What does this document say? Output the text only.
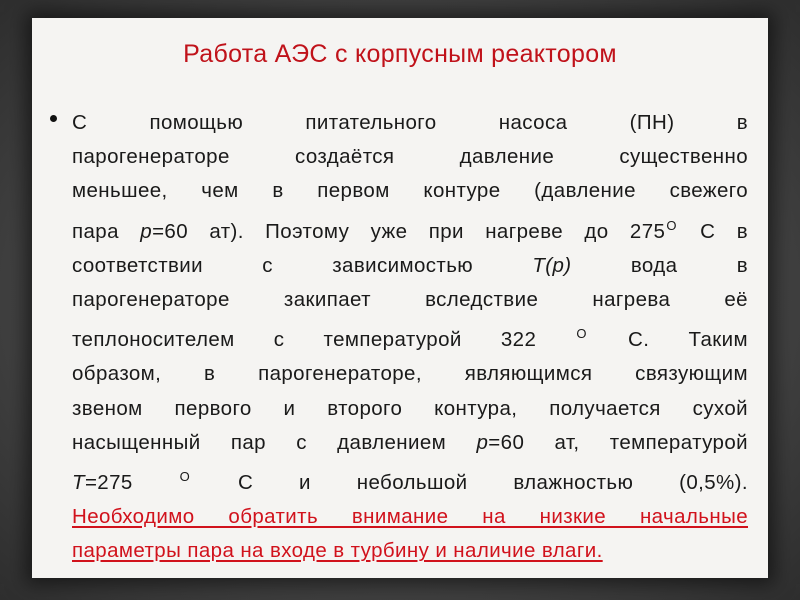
Работа АЭС с корпусным реактором
С помощью питательного насоса (ПН) в
парогенераторе создаётся давление существенно
меньшее, чем в первом контуре (давление свежего
пара p=60 ат). Поэтому уже при нагреве до $275^О$ С в
соответствии с зависимостью Т(p) вода в
парогенераторе закипает вследствие нагрева её
теплоносителем с температурой 322 $^О$ С. Таким
образом, в парогенераторе, являющимся связующим
звеном первого и второго контура, получается сухой
насыщенный пар с давлением p=60 ат, температурой
T=275 $^О$ С и небольшой влажностью (0,5%).
Необходимо обратить внимание на низкие начальные
параметры пара на входе в турбину и наличие влаги.
